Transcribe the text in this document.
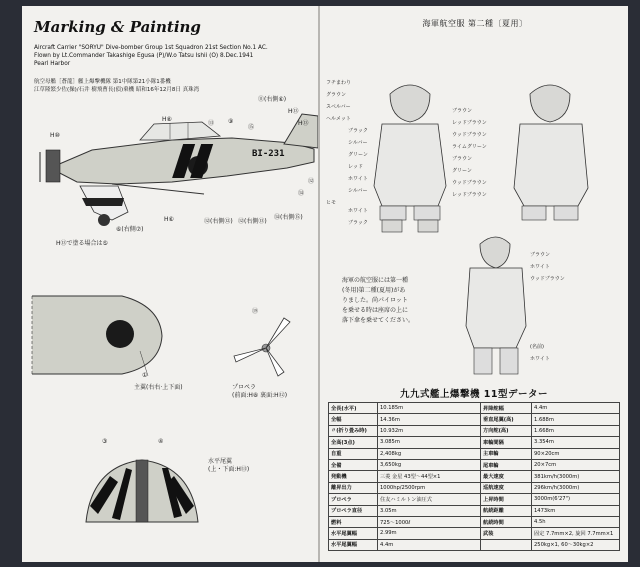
Marking & Painting
Aircraft Carrier "SORYU" Dive-bomber Group 1st Squadron 21st Section No.1 AC.
Flown by Lt.Commander Takashige Egusa (P)/W.o Tatsu Ishii (O) 8.Dec.1941
Pearl Harbor
航空母艦［蒼龍］艦上爆撃機隊 第1中隊第21小隊1番機
江草隆繁少佐(操)/石井 樹飛曹長(偵)乗機 昭和16年12月8日 真珠湾
BI-231
⑪(右側⑥)
H⑬
H⑬
H⑩
H⑧
⑬ ⑨
⑮
⑫
⑭
⑥(右側⑦)
H⑥	⑫(右側⑫) ⑫(右側⑬)
⑭(右側⑮)
H⑬で塗る場合は⑤
①
主翼(右右·上下面)
⑲
プロペラ
(前面:H⑧ 裏面:H⑫)
③	④
水平尾翼
(上・下面:H⑬)
海軍航空服 第二種〔夏用〕
フチまわり
グラウン
スペルバー
ヘルメット
ブラック
シルバー
グリーン
レッド
ホワイト
シルバー
ヒモ
ホワイト
ブラック
ブラウン
レッドブラウン
ウッドブラウン
ライムグリーン
ブラウン
グリーン
ウッドブラウン
レッドブラウン
ブラウン
ホワイト
ウッドブラウン
(名前)
ホワイト
海軍の航空服には第一種
(冬用)第二種(夏用)があ
りました。尚パイロット
を乗せる時は座席の上に
落下傘を乗せてください。
九九式艦上爆撃機 11型データー
全長(水平)	10.185m	昇降舵幅	4.4m
全幅	14.36m	垂直尾翼(高)	1.688m
〃(折り畳み時)	10.932m	方向舵(高)	1.668m
全高(3点)	3.085m	車輪間隔	3.354m
自重	2,408kg	主車輪	90×20cm
全備	3,650kg	尾車輪	20×7cm
発動機	三菱 金星 43型〜44型×1	最大速度	381km/h(3000m)
離昇出力	1000hp/2500rpm	巡航速度	296km/h(3000m)
プロペラ	住友ハミルトン油圧式	上昇時間	3000m(6'27")
プロペラ直径	3.05m	航続距離	1473km
燃料	725〜1000ℓ	航続時間	4.5h
水平尾翼幅	2.99m	武装	固定 7.7mm×2, 旋回 7.7mm×1
水平尾翼幅	4.4m		250kg×1, 60〜30kg×2
